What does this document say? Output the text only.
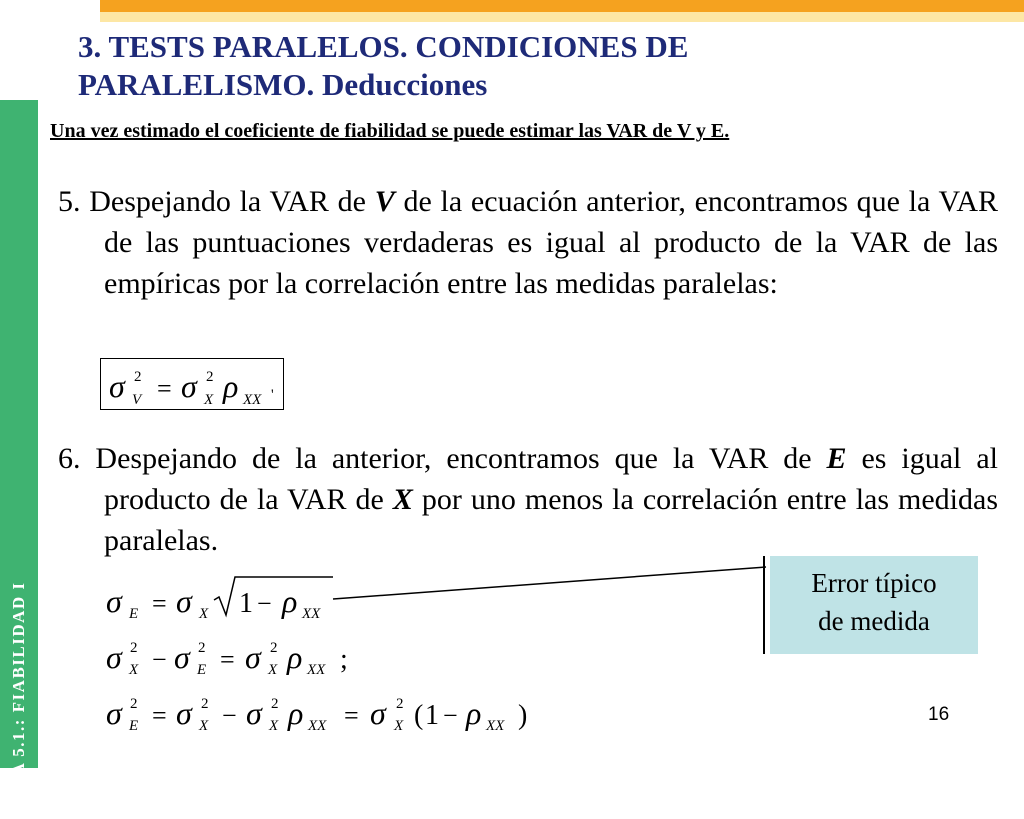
TEMA 5.1.: FIABILIDAD I
3. TESTS PARALELOS. CONDICIONES DE PARALELISMO. Deducciones
Una vez estimado el coeficiente de fiabilidad se puede estimar las VAR de V y E.
5. Despejando la VAR de V de la ecuación anterior, encontramos que la VAR de las puntuaciones verdaderas es igual al producto de la VAR de las empíricas por la correlación entre las medidas paralelas:
σ 2
V = σ 2
X ρ XX '
6. Despejando de la anterior, encontramos que la VAR de E es igual al producto de la VAR de X por uno menos la correlación entre las medidas paralelas.
σ E = σ X 1 − ρ XX
σ 2
X − σ 2
E = σ 2
X ρ XX ;
σ 2
E = σ 2
X − σ 2
X ρ XX = σ 2
X ( 1 − ρ XX )
Error típico
de medida
16
